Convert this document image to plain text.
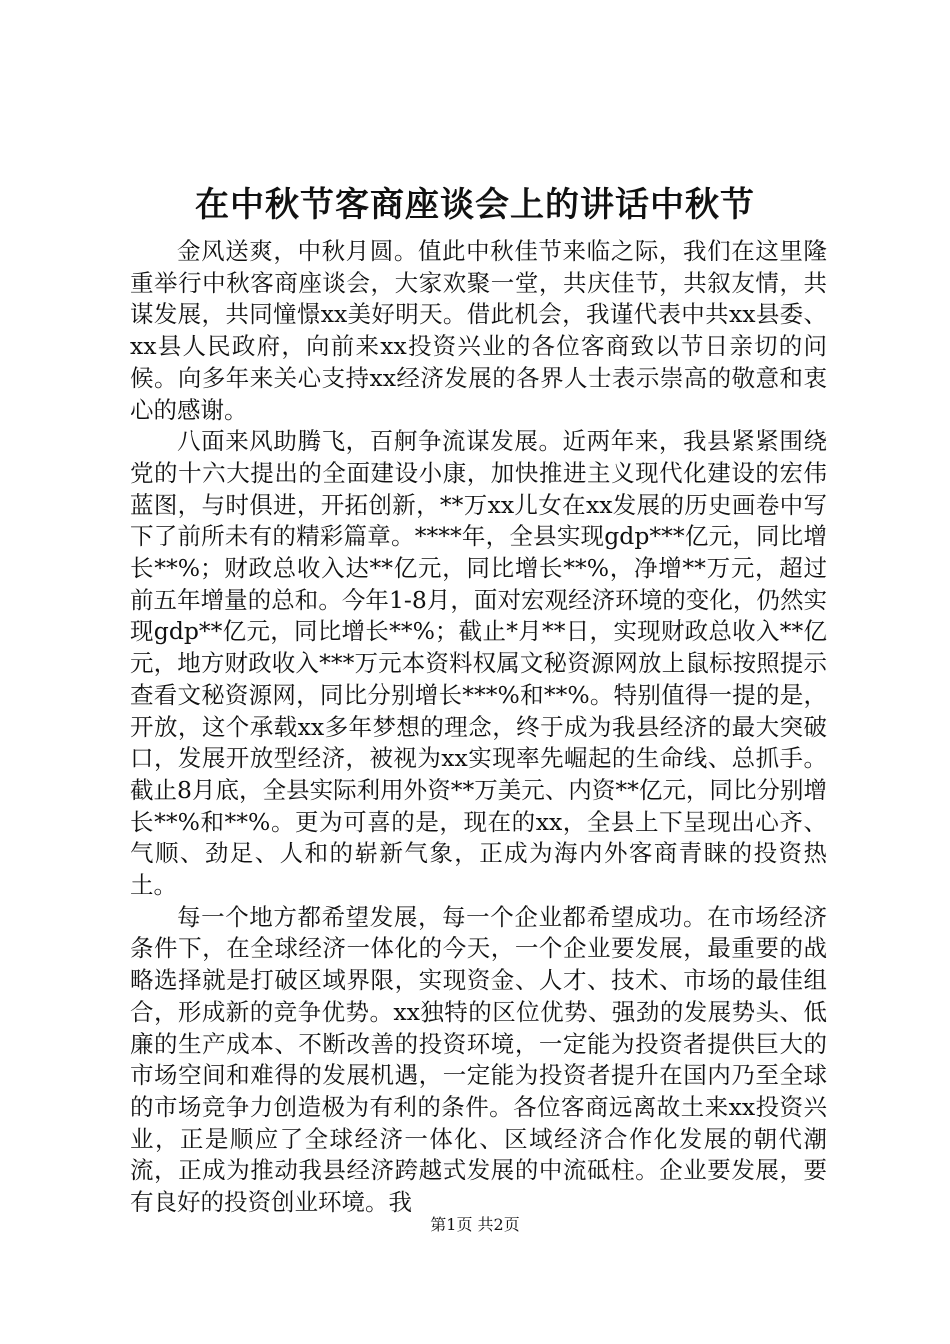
在中秋节客商座谈会上的讲话中秋节

金风送爽，中秋月圆。值此中秋佳节来临之际，我们在这里隆重举行中秋客商座谈会，大家欢聚一堂，共庆佳节，共叙友情，共谋发展，共同憧憬xx美好明天。借此机会，我谨代表中共xx县委、xx县人民政府，向前来xx投资兴业的各位客商致以节日亲切的问候。向多年来关心支持xx经济发展的各界人士表示崇高的敬意和衷心的感谢。

八面来风助腾飞，百舸争流谋发展。近两年来，我县紧紧围绕党的十六大提出的全面建设小康，加快推进主义现代化建设的宏伟蓝图，与时俱进，开拓创新，**万xx儿女在xx发展的历史画卷中写下了前所未有的精彩篇章。****年，全县实现gdp***亿元，同比增长**%；财政总收入达**亿元，同比增长**%，净增**万元，超过前五年增量的总和。今年1-8月，面对宏观经济环境的变化，仍然实现gdp**亿元，同比增长**%；截止*月**日，实现财政总收入**亿元，地方财政收入***万元本资料权属文秘资源网放上鼠标按照提示查看文秘资源网，同比分别增长***%和**%。特别值得一提的是，开放，这个承载xx多年梦想的理念，终于成为我县经济的最大突破口，发展开放型经济，被视为xx实现率先崛起的生命线、总抓手。截止8月底，全县实际利用外资**万美元、内资**亿元，同比分别增长**%和**%。更为可喜的是，现在的xx，全县上下呈现出心齐、气顺、劲足、人和的崭新气象，正成为海内外客商青睐的投资热土。

每一个地方都希望发展，每一个企业都希望成功。在市场经济条件下，在全球经济一体化的今天，一个企业要发展，最重要的战略选择就是打破区域界限，实现资金、人才、技术、市场的最佳组合，形成新的竞争优势。xx独特的区位优势、强劲的发展势头、低廉的生产成本、不断改善的投资环境，一定能为投资者提供巨大的市场空间和难得的发展机遇，一定能为投资者提升在国内乃至全球的市场竞争力创造极为有利的条件。各位客商远离故土来xx投资兴业，正是顺应了全球经济一体化、区域经济合作化发展的朝代潮流，正成为推动我县经济跨越式发展的中流砥柱。企业要发展，要有良好的投资创业环境。我

第1页 共2页
